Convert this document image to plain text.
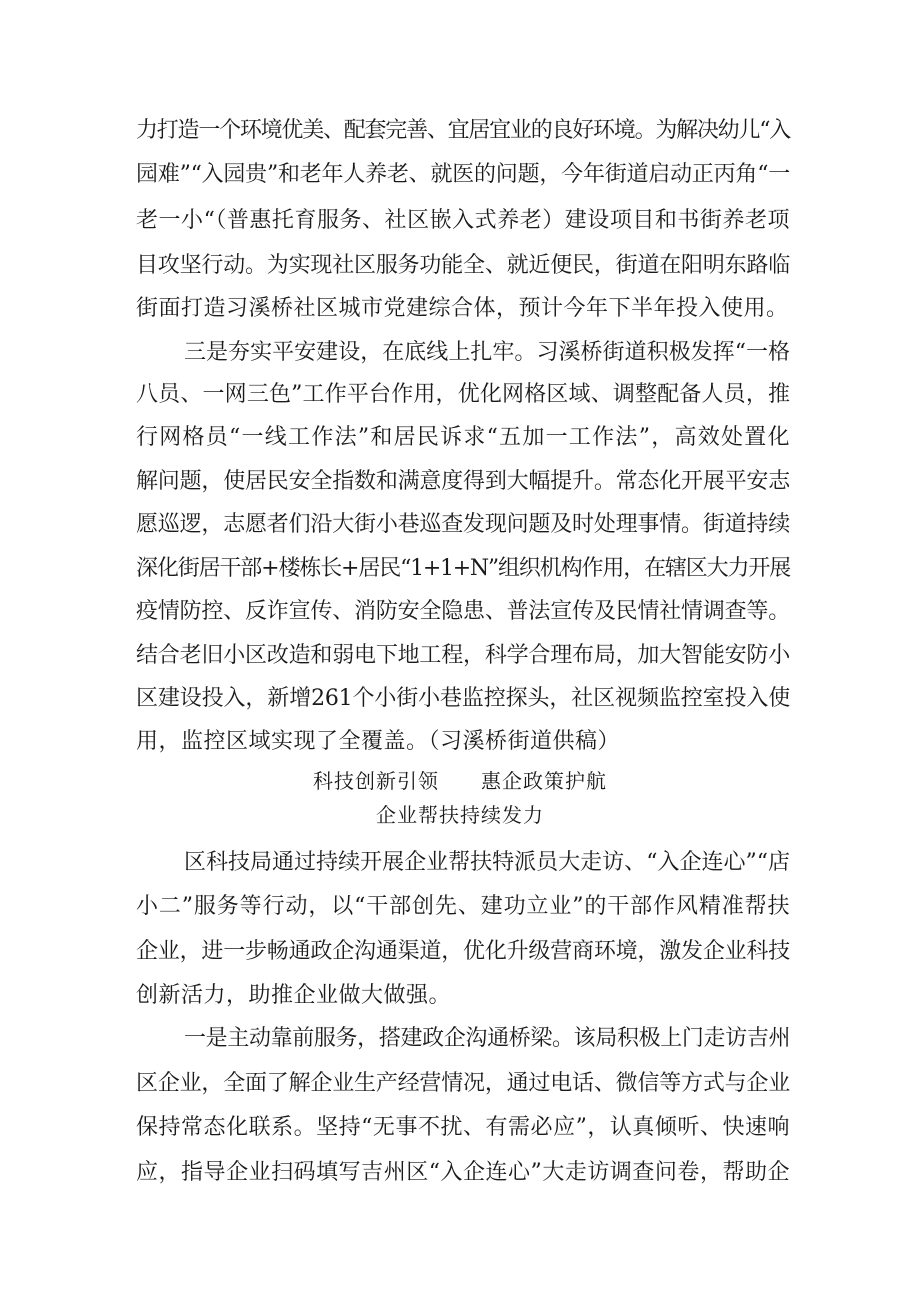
力打造一个环境优美、配套完善、宜居宜业的良好环境。为解决幼儿“入
园难”“入园贵”和老年人养老、就医的问题，今年街道启动正丙角“一
老一小“（普惠托育服务、社区嵌入式养老）建设项目和书街养老项
目攻坚行动。为实现社区服务功能全、就近便民，街道在阳明东路临
街面打造习溪桥社区城市党建综合体，预计今年下半年投入使用。
三是夯实平安建设，在底线上扎牢。习溪桥街道积极发挥“一格
八员、一网三色”工作平台作用，优化网格区域、调整配备人员，推
行网格员“一线工作法”和居民诉求“五加一工作法”，高效处置化
解问题，使居民安全指数和满意度得到大幅提升。常态化开展平安志
愿巡逻，志愿者们沿大街小巷巡查发现问题及时处理事情。街道持续
深化街居干部+楼栋长+居民“1+1+N”组织机构作用，在辖区大力开展
疫情防控、反诈宣传、消防安全隐患、普法宣传及民情社情调查等。
结合老旧小区改造和弱电下地工程，科学合理布局，加大智能安防小
区建设投入，新增261个小街小巷监控探头，社区视频监控室投入使
用，监控区域实现了全覆盖。（习溪桥街道供稿）
科技创新引领　　惠企政策护航
企业帮扶持续发力
区科技局通过持续开展企业帮扶特派员大走访、“入企连心”“店
小二”服务等行动，以“干部创先、建功立业”的干部作风精准帮扶
企业，进一步畅通政企沟通渠道，优化升级营商环境，激发企业科技
创新活力，助推企业做大做强。
一是主动靠前服务，搭建政企沟通桥梁。该局积极上门走访吉州
区企业，全面了解企业生产经营情况，通过电话、微信等方式与企业
保持常态化联系。坚持“无事不扰、有需必应”，认真倾听、快速响
应，指导企业扫码填写吉州区“入企连心”大走访调查问卷，帮助企
